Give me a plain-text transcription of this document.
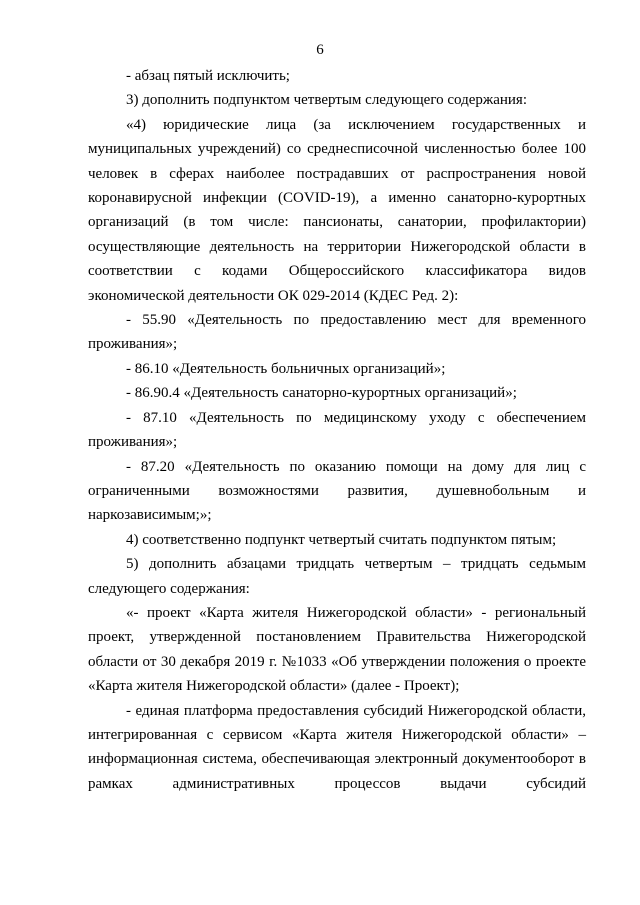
6

- абзац пятый исключить;

3) дополнить подпунктом четвертым следующего содержания:

«4) юридические лица (за исключением государственных и муниципальных учреждений) со среднесписочной численностью более 100 человек в сферах наиболее пострадавших от распространения новой коронавирусной инфекции (COVID-19), а именно санаторно-курортных организаций (в том числе: пансионаты, санатории, профилактории) осуществляющие деятельность на территории Нижегородской области в соответствии с кодами Общероссийского классификатора видов экономической деятельности ОК 029-2014 (КДЕС Ред. 2):

- 55.90 «Деятельность по предоставлению мест для временного проживания»;

- 86.10 «Деятельность больничных организаций»;

- 86.90.4 «Деятельность санаторно-курортных организаций»;

- 87.10 «Деятельность по медицинскому уходу с обеспечением проживания»;

- 87.20 «Деятельность по оказанию помощи на дому для лиц с ограниченными возможностями развития, душевнобольным и наркозависимым;»;

4) соответственно подпункт четвертый считать подпунктом пятым;

5) дополнить абзацами тридцать четвертым – тридцать седьмым следующего содержания:

«- проект «Карта жителя Нижегородской области» - региональный проект, утвержденной постановлением Правительства Нижегородской области от 30 декабря 2019 г. №1033 «Об утверждении положения о проекте «Карта жителя Нижегородской области» (далее - Проект);

- единая платформа предоставления субсидий Нижегородской области, интегрированная с сервисом «Карта жителя Нижегородской области» – информационная система, обеспечивающая электронный документооборот в рамках административных процессов выдачи субсидий
